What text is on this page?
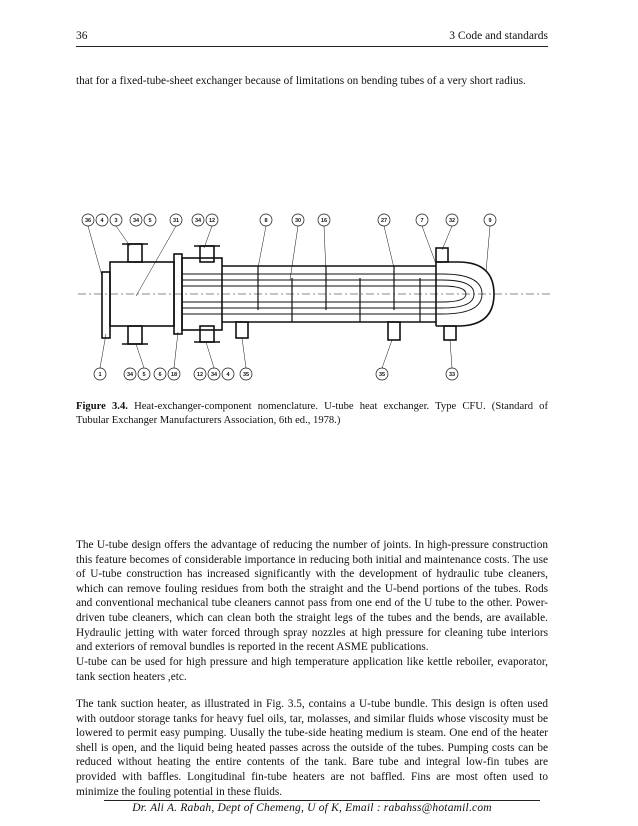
36	3 Code and standards

that for a fixed-tube-sheet exchanger because of limitations on bending tubes of a very short radius.

36 4 3	34 5	31	34 12	8	30	16	27	7	32	9
1	34 5 6 18	12 34 4 35	35	33

Figure 3.4. Heat-exchanger-component nomenclature. U-tube heat exchanger. Type CFU. (Standard of Tubular Exchanger Manufacturers Association, 6th ed., 1978.)

The U-tube design offers the advantage of reducing the number of joints. In high-pressure construction this feature becomes of considerable importance in reducing both initial and maintenance costs. The use of U-tube construction has increased significantly with the development of hydraulic tube cleaners, which can remove fouling residues from both the straight and the U-bend portions of the tubes. Rods and conventional mechanical tube cleaners cannot pass from one end of the U tube to the other. Power-driven tube cleaners, which can clean both the straight legs of the tubes and the bends, are available. Hydraulic jetting with water forced through spray nozzles at high pressure for cleaning tube interiors and exteriors of removal bundles is reported in the recent ASME publications.

U-tube can be used for high pressure and high temperature application like kettle reboiler, evaporator, tank section heaters ,etc.

The tank suction heater, as illustrated in Fig. 3.5, contains a U-tube bundle. This design is often used with outdoor storage tanks for heavy fuel oils, tar, molasses, and similar fluids whose viscosity must be lowered to permit easy pumping. Uusally the tube-side heating medium is steam. One end of the heater shell is open, and the liquid being heated passes across the outside of the tubes. Pumping costs can be reduced without heating the entire contents of the tank. Bare tube and integral low-fin tubes are provided with baffles. Longitudinal fin-tube heaters are not baffled. Fins are most often used to minimize the fouling potential in these fluids.

Dr. Ali A. Rabah, Dept of Chemeng, U of K, Email : rabahss@hotamil.com
